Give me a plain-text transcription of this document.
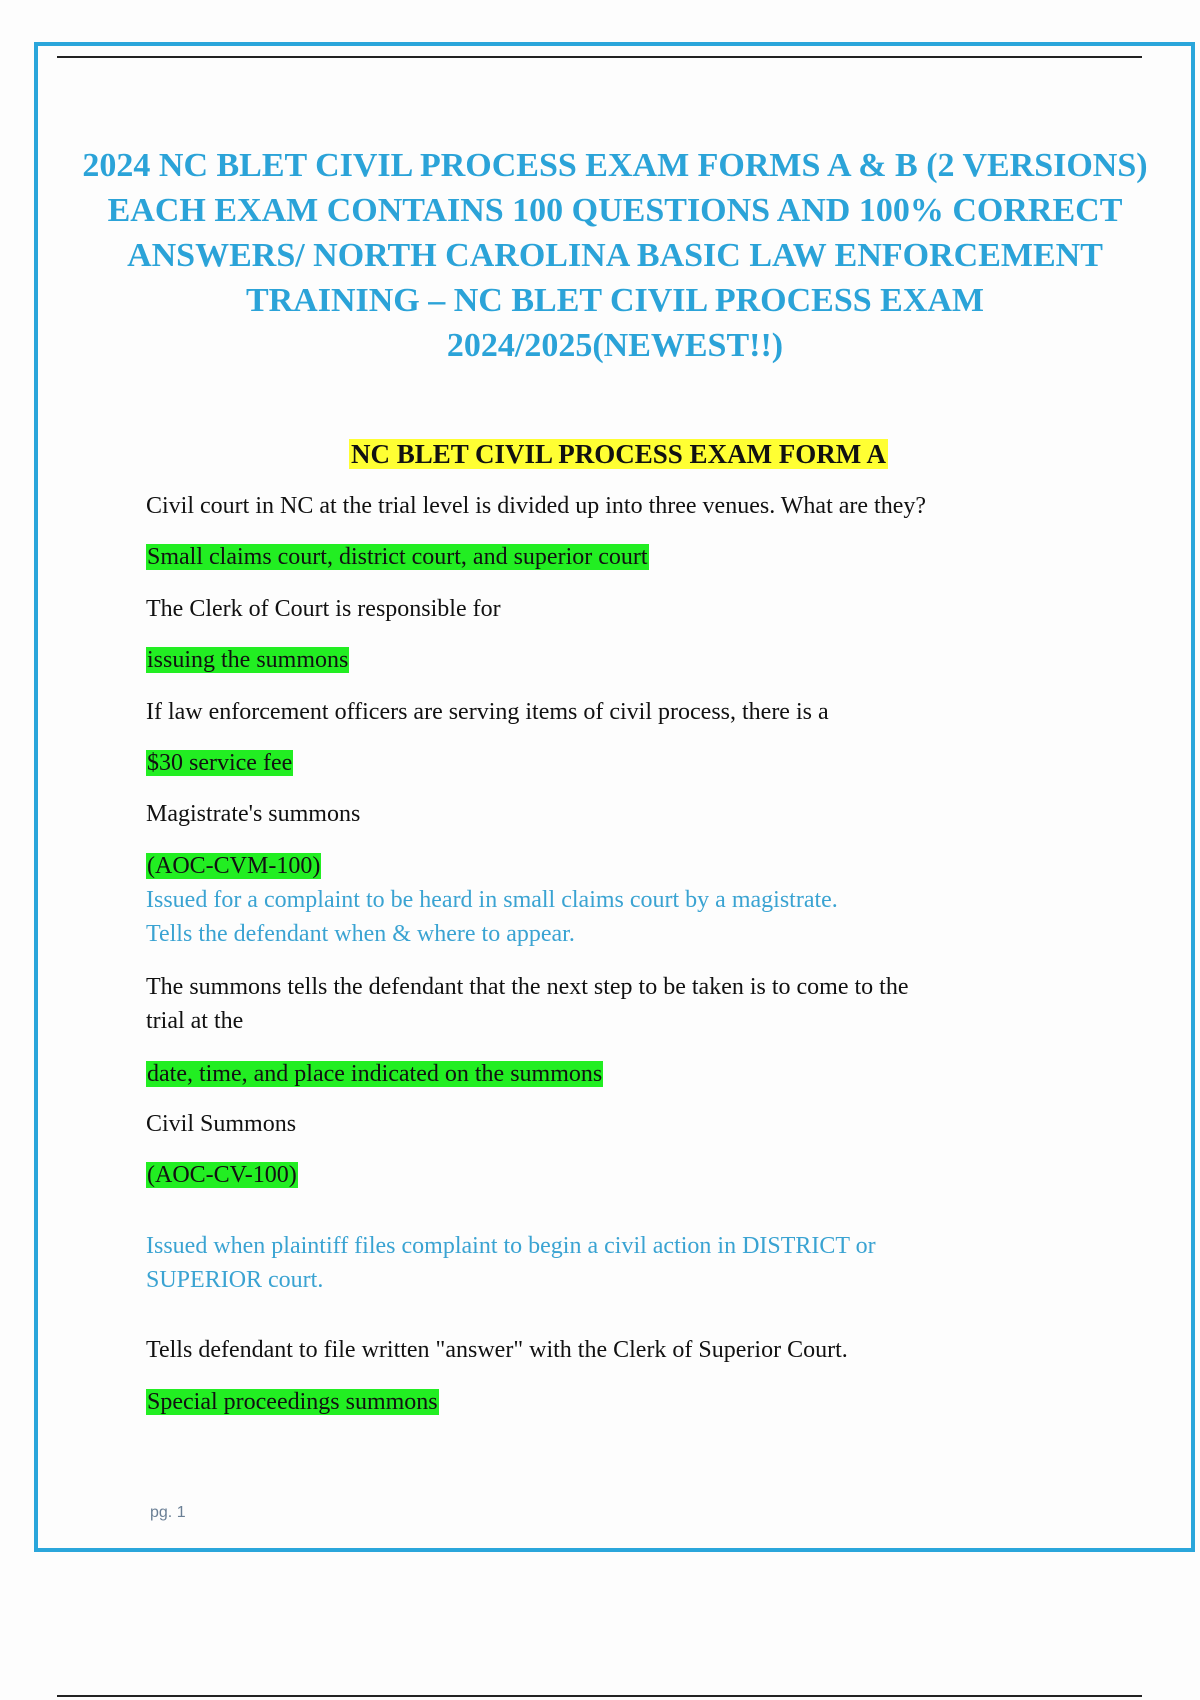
2024 NC BLET CIVIL PROCESS EXAM FORMS A & B (2 VERSIONS) EACH EXAM CONTAINS 100 QUESTIONS AND 100% CORRECT ANSWERS/ NORTH CAROLINA BASIC LAW ENFORCEMENT TRAINING – NC BLET CIVIL PROCESS EXAM 2024/2025(NEWEST!!)
NC BLET CIVIL PROCESS EXAM FORM A
Civil court in NC at the trial level is divided up into three venues. What are they?
Small claims court, district court, and superior court
The Clerk of Court is responsible for
issuing the summons
If law enforcement officers are serving items of civil process, there is a
$30 service fee
Magistrate's summons
(AOC-CVM-100)
Issued for a complaint to be heard in small claims court by a magistrate.
Tells the defendant when & where to appear.
The summons tells the defendant that the next step to be taken is to come to the
trial at the
date, time, and place indicated on the summons
Civil Summons
(AOC-CV-100)
Issued when plaintiff files complaint to begin a civil action in DISTRICT or
SUPERIOR court.
Tells defendant to file written "answer" with the Clerk of Superior Court.
Special proceedings summons
pg. 1
